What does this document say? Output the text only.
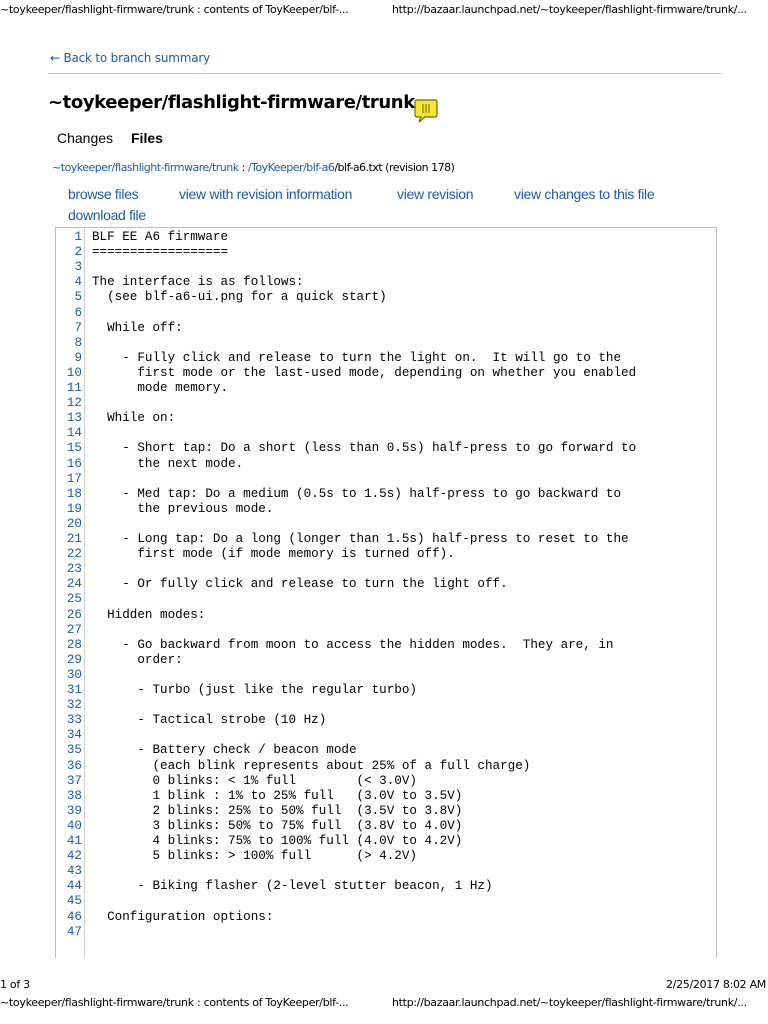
~toykeeper/flashlight-firmware/trunk : contents of ToyKeeper/blf-...	http://bazaar.launchpad.net/~toykeeper/flashlight-firmware/trunk/...
← Back to branch summary
~toykeeper/flashlight-firmware/trunk
Changes Files
~toykeeper/flashlight-firmware/trunk : /ToyKeeper/blf-a6/blf-a6.txt (revision 178)
browse files	view with revision information	view revision	view changes to this file
download file
1 BLF EE A6 firmware
2 ==================
3
4 The interface is as follows:
5 (see blf-a6-ui.png for a quick start)
6
7 While off:
8
9 - Fully click and release to turn the light on.  It will go to the
10 first mode or the last-used mode, depending on whether you enabled
11 mode memory.
12
13 While on:
14
15 - Short tap: Do a short (less than 0.5s) half-press to go forward to
16 the next mode.
17
18 - Med tap: Do a medium (0.5s to 1.5s) half-press to go backward to
19 the previous mode.
20
21 - Long tap: Do a long (longer than 1.5s) half-press to reset to the
22 first mode (if mode memory is turned off).
23
24 - Or fully click and release to turn the light off.
25
26 Hidden modes:
27
28 - Go backward from moon to access the hidden modes.  They are, in
29 order:
30
31 - Turbo (just like the regular turbo)
32
33 - Tactical strobe (10 Hz)
34
35 - Battery check / beacon mode
36 (each blink represents about 25% of a full charge)
37 0 blinks: < 1% full        (< 3.0V)
38 1 blink : 1% to 25% full   (3.0V to 3.5V)
39 2 blinks: 25% to 50% full  (3.5V to 3.8V)
40 3 blinks: 50% to 75% full  (3.8V to 4.0V)
41 4 blinks: 75% to 100% full (4.0V to 4.2V)
42 5 blinks: > 100% full      (> 4.2V)
43
44 - Biking flasher (2-level stutter beacon, 1 Hz)
45
46 Configuration options:
47
1 of 3	2/25/2017 8:02 AM
~toykeeper/flashlight-firmware/trunk : contents of ToyKeeper/blf-...	http://bazaar.launchpad.net/~toykeeper/flashlight-firmware/trunk/...
